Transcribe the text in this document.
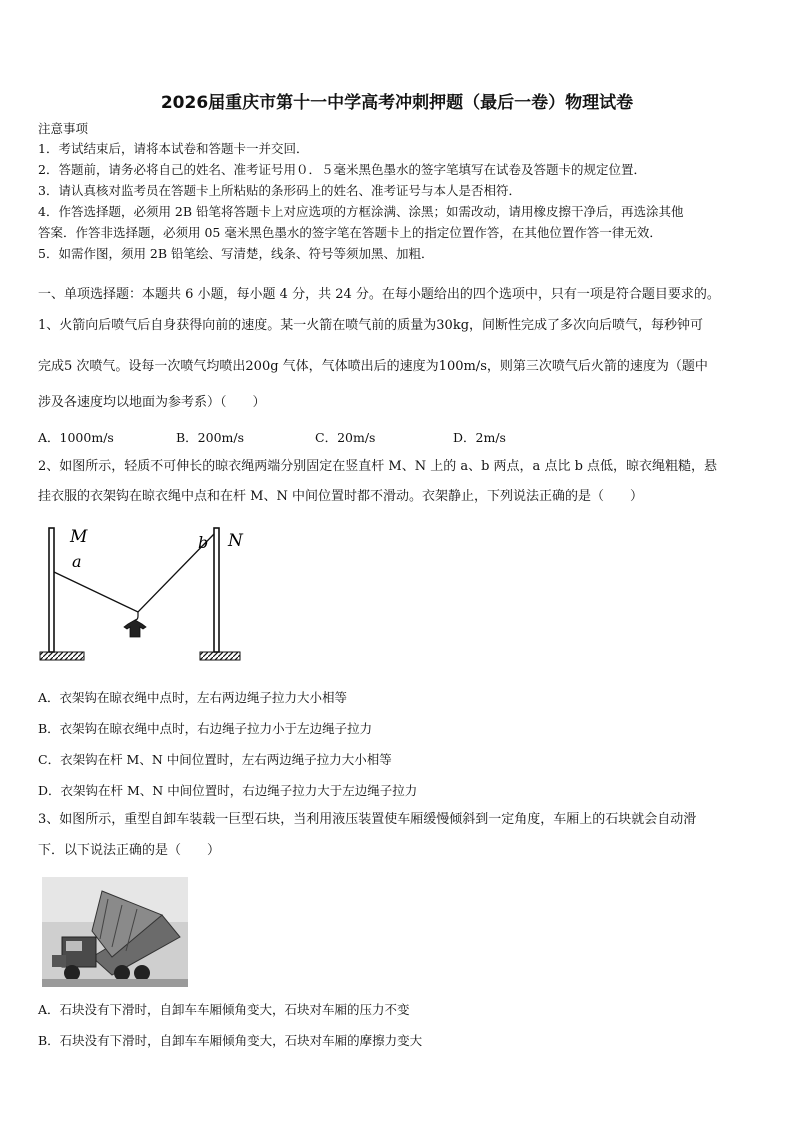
2026届重庆市第十一中学高考冲刺押题（最后一卷）物理试卷
注意事项
1．考试结束后，请将本试卷和答题卡一并交回．
2．答题前，请务必将自己的姓名、准考证号用０．５毫米黑色墨水的签字笔填写在试卷及答题卡的规定位置．
3．请认真核对监考员在答题卡上所粘贴的条形码上的姓名、准考证号与本人是否相符．
4．作答选择题，必须用 2B 铅笔将答题卡上对应选项的方框涂满、涂黑；如需改动，请用橡皮擦干净后，再选涂其他
答案．作答非选择题，必须用 05 毫米黑色墨水的签字笔在答题卡上的指定位置作答，在其他位置作答一律无效．
5．如需作图，须用 2B 铅笔绘、写清楚，线条、符号等须加黑、加粗．
一、单项选择题：本题共 6 小题，每小题 4 分，共 24 分。在每小题给出的四个选项中，只有一项是符合题目要求的。
1、火箭向后喷气后自身获得向前的速度。某一火箭在喷气前的质量为30kg，间断性完成了多次向后喷气，每秒钟可
完成5 次喷气。设每一次喷气均喷出200g 气体，气体喷出后的速度为100m/s，则第三次喷气后火箭的速度为（题中
涉及各速度均以地面为参考系）（　　）
A．1000m/s	B．200m/s	C．20m/s	D．2m/s
2、如图所示，轻质不可伸长的晾衣绳两端分别固定在竖直杆 M、N 上的 a、b 两点，a 点比 b 点低，晾衣绳粗糙，悬
挂衣服的衣架钩在晾衣绳中点和在杆 M、N 中间位置时都不滑动。衣架静止，下列说法正确的是（　　）
M
a
b N
A．衣架钩在晾衣绳中点时，左右两边绳子拉力大小相等
B．衣架钩在晾衣绳中点时，右边绳子拉力小于左边绳子拉力
C．衣架钩在杆 M、N 中间位置时，左右两边绳子拉力大小相等
D．衣架钩在杆 M、N 中间位置时，右边绳子拉力大于左边绳子拉力
3、如图所示，重型自卸车装载一巨型石块，当利用液压装置使车厢缓慢倾斜到一定角度，车厢上的石块就会自动滑
下．以下说法正确的是（　　）
A．石块没有下滑时，自卸车车厢倾角变大，石块对车厢的压力不变
B．石块没有下滑时，自卸车车厢倾角变大，石块对车厢的摩擦力变大
